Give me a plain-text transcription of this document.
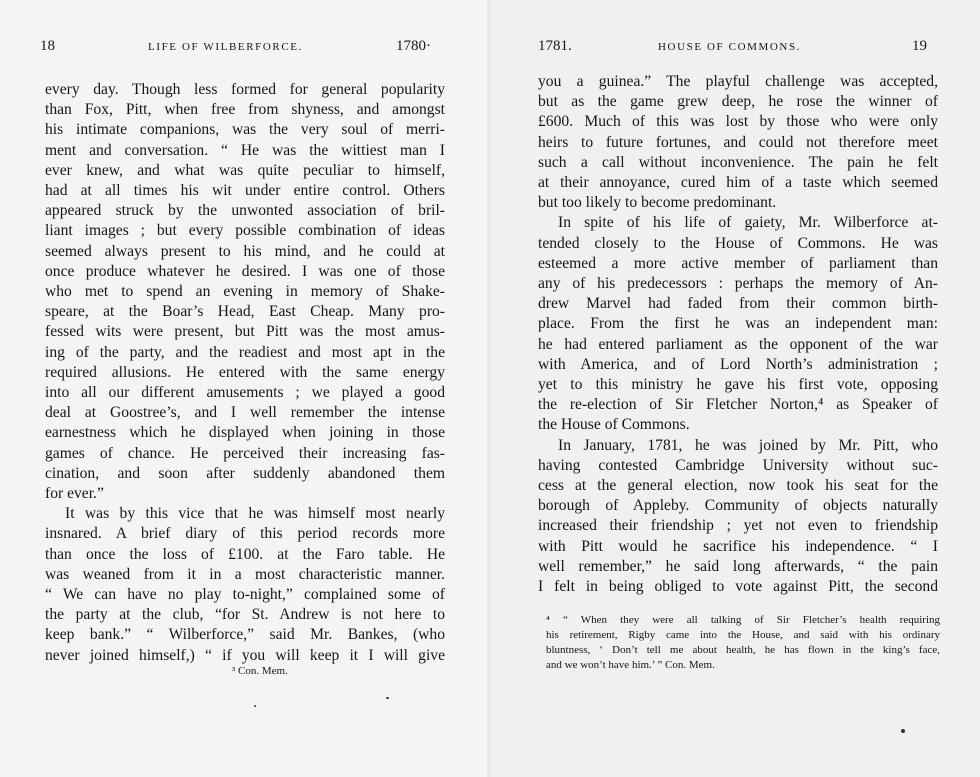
18	LIFE OF WILBERFORCE.	1780·
every day. Though less formed for general popularity
than Fox, Pitt, when free from shyness, and amongst
his intimate companions, was the very soul of merri-
ment and conversation. “ He was the wittiest man I
ever knew, and what was quite peculiar to himself,
had at all times his wit under entire control. Others
appeared struck by the unwonted association of bril-
liant images ; but every possible combination of ideas
seemed always present to his mind, and he could at
once produce whatever he desired. I was one of those
who met to spend an evening in memory of Shake-
speare, at the Boar’s Head, East Cheap. Many pro-
fessed wits were present, but Pitt was the most amus-
ing of the party, and the readiest and most apt in the
required allusions. He entered with the same energy
into all our different amusements ; we played a good
deal at Goostree’s, and I well remember the intense
earnestness which he displayed when joining in those
games of chance. He perceived their increasing fas-
cination, and soon after suddenly abandoned them
for ever.”
It was by this vice that he was himself most nearly
insnared. A brief diary of this period records more
than once the loss of £100. at the Faro table. He
was weaned from it in a most characteristic manner.
“ We can have no play to-night,” complained some of
the party at the club, “for St. Andrew is not here to
keep bank.” “ Wilberforce,” said Mr. Bankes, (who
never joined himself,) “ if you will keep it I will give
³ Con. Mem.
1781.	HOUSE OF COMMONS.	19
you a guinea.” The playful challenge was accepted,
but as the game grew deep, he rose the winner of
£600. Much of this was lost by those who were only
heirs to future fortunes, and could not therefore meet
such a call without inconvenience. The pain he felt
at their annoyance, cured him of a taste which seemed
but too likely to become predominant.
In spite of his life of gaiety, Mr. Wilberforce at-
tended closely to the House of Commons. He was
esteemed a more active member of parliament than
any of his predecessors : perhaps the memory of An-
drew Marvel had faded from their common birth-
place. From the first he was an independent man:
he had entered parliament as the opponent of the war
with America, and of Lord North’s administration ;
yet to this ministry he gave his first vote, opposing
the re-election of Sir Fletcher Norton,⁴ as Speaker of
the House of Commons.
In January, 1781, he was joined by Mr. Pitt, who
having contested Cambridge University without suc-
cess at the general election, now took his seat for the
borough of Appleby. Community of objects naturally
increased their friendship ; yet not even to friendship
with Pitt would he sacrifice his independence. “ I
well remember,” he said long afterwards, “ the pain
I felt in being obliged to vote against Pitt, the second
⁴ “ When they were all talking of Sir Fletcher’s health requiring
his retirement, Rigby came into the House, and said with his ordinary
bluntness, ‘ Don’t tell me about health, he has flown in the king’s face,
and we won’t have him.’ ” Con. Mem.
